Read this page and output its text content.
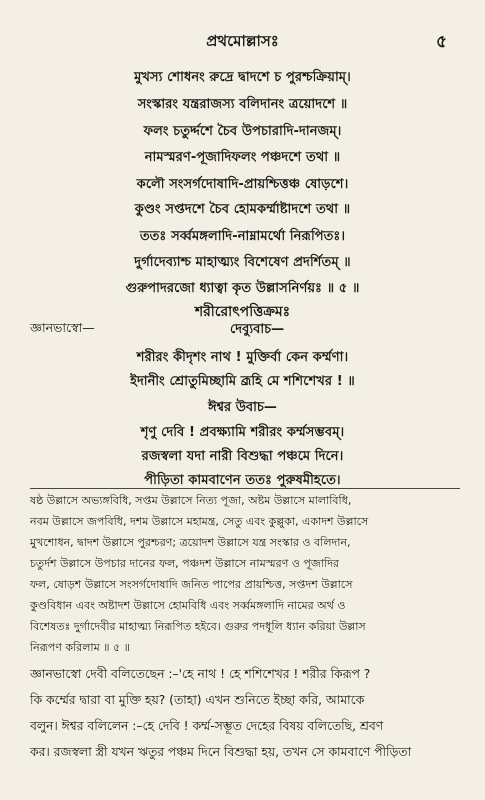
প্রথমোল্লাসঃ	৫
মুখস্য শোধনং রুদ্রে দ্বাদশে চ পুরশ্চক্রিয়াম্।
সংস্কারং যন্ত্ররাজস্য বলিদানং ত্রয়োদশে ॥
ফলং চতুর্দ্দশে চৈব উপচারাদি-দানজম্।
নামস্মরণ-পূজাদিফলং পঞ্চদশে তথা ॥
কলৌ সংসর্গদোষাদি-প্রায়শ্চিত্তঞ্চ ষোড়শে।
কুণ্ডং সপ্তদশে চৈব হোমকর্ম্মাষ্টাদশে তথা ॥
ততঃ সর্ব্বমঙ্গলাদি-নাম্নামর্থো নিরূপিতঃ।
দুর্গাদেব্যাশ্চ মাহাত্ম্যং বিশেষেণ প্রদর্শিতম্ ॥
গুরুপাদরজো ধ্যাত্বা কৃত উল্লাসনির্ণয়ঃ ॥ ৫ ॥
শরীরোৎপত্তিক্রমঃ
জ্ঞানভাস্বো—	দেব্যুবাচ—
শরীরং কীদৃশং নাথ ! মুক্তির্বা কেন কর্ম্মণা।
ইদানীং শ্রোতুমিচ্ছামি ব্রূহি মে শশিশেখর ! ॥
ঈশ্বর উবাচ—
শৃণু দেবি ! প্রবক্ষ্যামি শরীরং কর্ম্মসম্ভবম্।
রজস্বলা যদা নারী বিশুদ্ধা পঞ্চমে দিনে।
পীড়িতা কামবাণেন ততঃ পুরুষমীহতে।
ষষ্ঠ উল্লাসে অভ্যঙ্গবিধি, সপ্তম উল্লাসে নিত্য পূজা, অষ্টম উল্লাসে মালাবিধি,
নবম উল্লাসে জপবিধি, দশম উল্লাসে মহামন্ত্র, সেতু এবং কুল্লুকা, একাদশ উল্লাসে
মুখশোধন, দ্বাদশ উল্লাসে পুরশ্চরণ; ত্রয়োদশ উল্লাসে যন্ত্র সংস্কার ও বলিদান,
চতুর্দশ উল্লাসে উপচার দানের ফল, পঞ্চদশ উল্লাসে নামস্মরণ ও পূজাদির
ফল, ষোড়শ উল্লাসে সংসর্গদোষাদি জনিত পাপের প্রায়শ্চিত্ত, সপ্তদশ উল্লাসে
কুণ্ডবিধান এবং অষ্টাদশ উল্লাসে হোমবিধি এবং সর্ব্বমঙ্গলাদি নামের অর্থ ও
বিশেষতঃ দুর্গাদেবীর মাহাত্ম্য নিরূপিত হইবে। গুরুর পদধূলি ধ্যান করিয়া উল্লাস
নিরূপণ করিলাম ॥ ৫ ॥
জ্ঞানভাস্বো দেবী বলিতেছেন :–'হে নাথ ! হে শশিশেখর ! শরীর কিরূপ ?
কি কর্ম্মের দ্বারা বা মুক্তি হয়? (তাহা) এখন শুনিতে ইচ্ছা করি, আমাকে
বলুন। ঈশ্বর বলিলেন :–হে দেবি ! কর্ম্ম-সম্ভূত দেহের বিষয় বলিতেছি, শ্রবণ
কর। রজস্বলা স্ত্রী যখন ঋতুর পঞ্চম দিনে বিশুদ্ধা হয়, তখন সে কামবাণে পীড়িতা
